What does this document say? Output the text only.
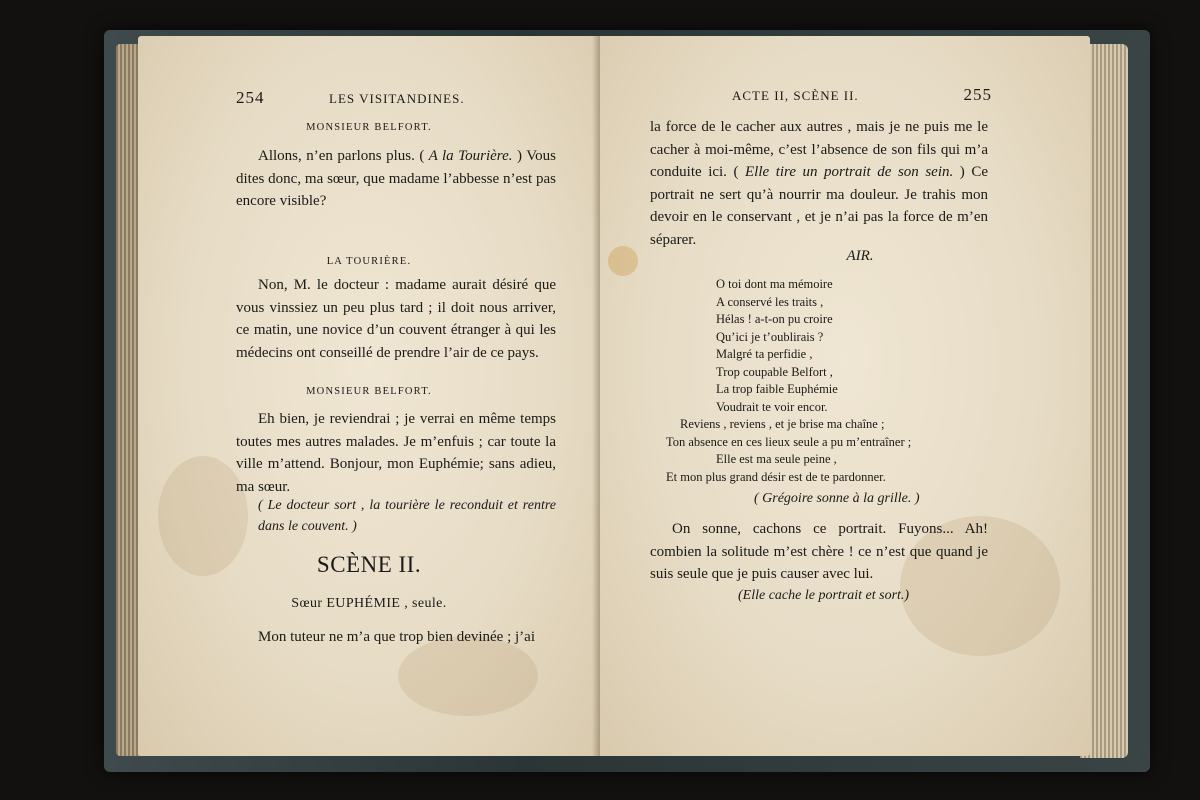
254	LES VISITANDINES.
MONSIEUR BELFORT.
Allons, n’en parlons plus. ( A la Tourière. ) Vous dites donc, ma sœur, que madame l’abbesse n’est pas encore visible?
LA TOURIÈRE.
Non, M. le docteur : madame aurait désiré que vous vinssiez un peu plus tard ; il doit nous arriver, ce matin, une novice d’un couvent étranger à qui les médecins ont conseillé de prendre l’air de ce pays.
MONSIEUR BELFORT.
Eh bien, je reviendrai ; je verrai en même temps toutes mes autres malades. Je m’enfuis ; car toute la ville m’attend. Bonjour, mon Euphémie; sans adieu, ma sœur.
( Le docteur sort , la tourière le reconduit et rentre dans le couvent. )
SCÈNE II.
Sœur EUPHÉMIE , seule.
Mon tuteur ne m’a que trop bien devinée ; j’ai
ACTE II, SCÈNE II.	255
la force de le cacher aux autres , mais je ne puis me le cacher à moi-même, c’est l’absence de son fils qui m’a conduite ici. ( Elle tire un portrait de son sein. ) Ce portrait ne sert qu’à nourrir ma douleur. Je trahis mon devoir en le conservant , et je n’ai pas la force de m’en séparer.
AIR.
O toi dont ma mémoire
A conservé les traits ,
Hélas ! a-t-on pu croire
Qu’ici je t’oublirais ?
Malgré ta perfidie ,
Trop coupable Belfort ,
La trop faible Euphémie
Voudrait te voir encor.
Reviens , reviens , et je brise ma chaîne ;
Ton absence en ces lieux seule a pu m’entraîner ;
Elle est ma seule peine ,
Et mon plus grand désir est de te pardonner.
( Grégoire sonne à la grille. )
On sonne, cachons ce portrait. Fuyons... Ah! combien la solitude m’est chère ! ce n’est que quand je suis seule que je puis causer avec lui.
(Elle cache le portrait et sort.)
